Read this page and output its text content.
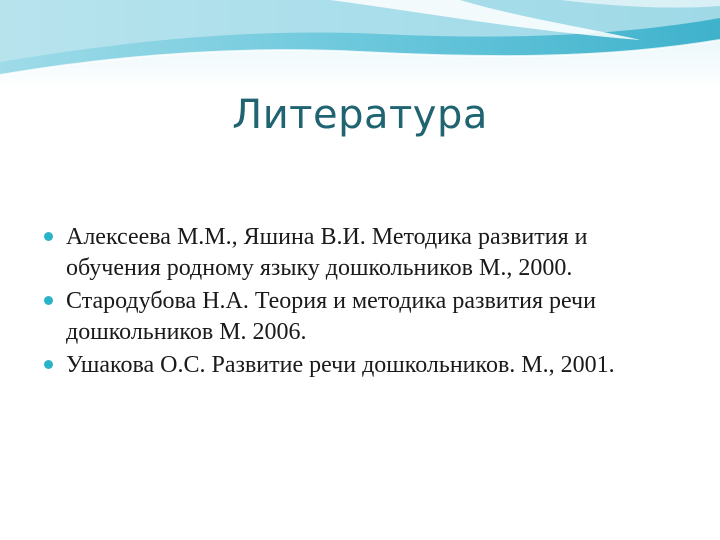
Литература
Алексеева М.М., Яшина В.И. Методика развития и обучения родному языку дошкольников М., 2000.
Стародубова Н.А. Теория и методика развития речи дошкольников М. 2006.
Ушакова О.С. Развитие речи дошкольников. М., 2001.
